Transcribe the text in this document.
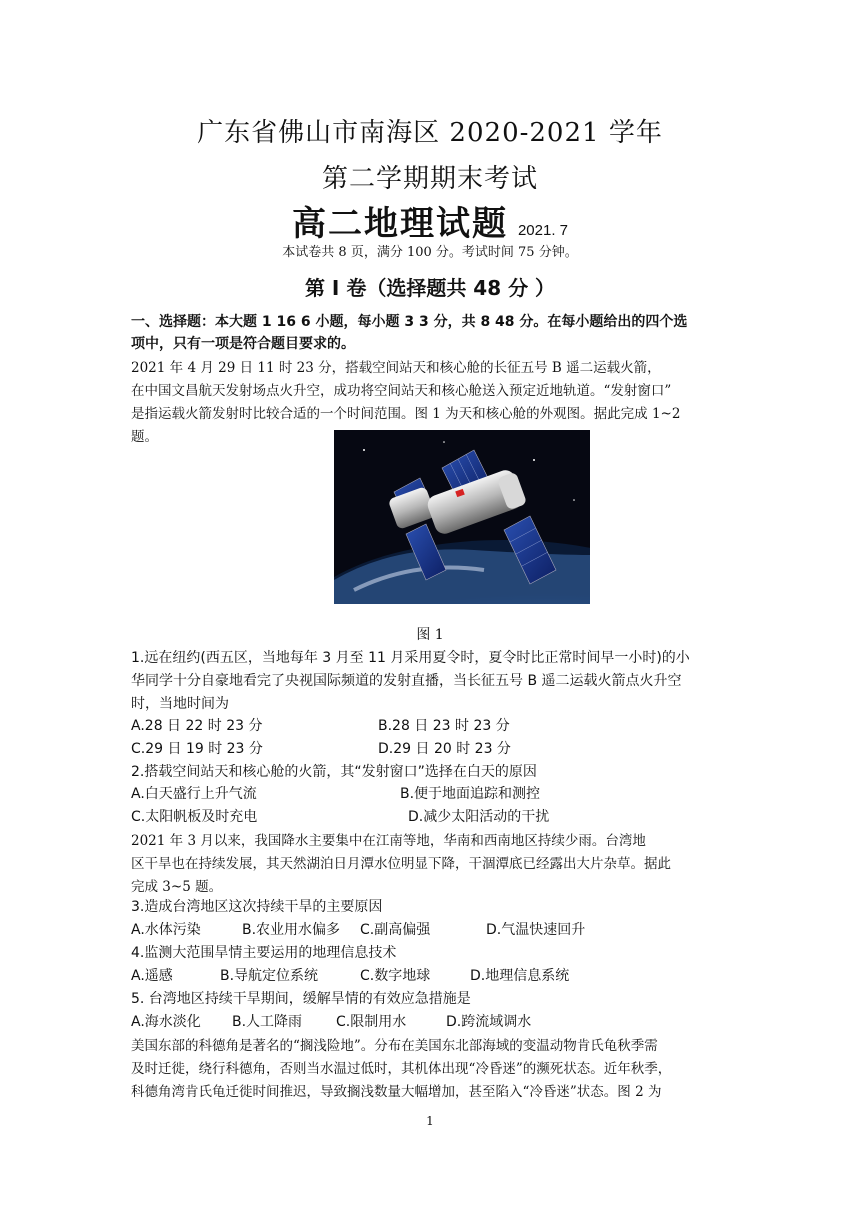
广东省佛山市南海区 2020-2021 学年
第二学期期末考试
高二地理试题 2021. 7
本试卷共 8 页，满分 100 分。考试时间 75 分钟。
第 Ⅰ 卷（选择题共 48 分 ）
一、选择题：本大题 1 16 6 小题，每小题 3 3 分，共 8 48 分。在每小题给出的四个选
项中，只有一项是符合题目要求的。
2021 年 4 月 29 日 11 时 23 分，搭载空间站天和核心舱的长征五号 B 遥二运载火箭，
在中国文昌航天发射场点火升空，成功将空间站天和核心舱送入预定近地轨道。“发射窗口”
是指运载火箭发射时比较合适的一个时间范围。图 1 为天和核心舱的外观图。据此完成 1~2
题。
图 1
1.远在纽约(西五区，当地每年 3 月至 11 月采用夏令时，夏令时比正常时间早一小时)的小
华同学十分自豪地看完了央视国际频道的发射直播，当长征五号 B 遥二运载火箭点火升空
时，当地时间为
A.28 日 22 时 23 分	B.28 日 23 时 23 分
C.29 日 19 时 23 分	D.29 日 20 时 23 分
2.搭载空间站天和核心舱的火箭，其“发射窗口”选择在白天的原因
A.白天盛行上升气流	B.便于地面追踪和测控
C.太阳帆板及时充电	D.减少太阳活动的干扰
2021 年 3 月以来，我国降水主要集中在江南等地，华南和西南地区持续少雨。台湾地
区干旱也在持续发展，其天然湖泊日月潭水位明显下降，干涸潭底已经露出大片杂草。据此
完成 3~5 题。
3.造成台湾地区这次持续干旱的主要原因
A.水体污染	B.农业用水偏多 C.副高偏强	D.气温快速回升
4.监测大范围旱情主要运用的地理信息技术
A.遥感	B.导航定位系统	C.数字地球	D.地理信息系统
5. 台湾地区持续干旱期间，缓解旱情的有效应急措施是
A.海水淡化 B.人工降雨 C.限制用水	D.跨流域调水
美国东部的科德角是著名的“搁浅险地”。分布在美国东北部海域的变温动物肯氏龟秋季需
及时迁徙，绕行科德角，否则当水温过低时，其机体出现“冷昏迷”的濒死状态。近年秋季，
科德角湾肯氏龟迁徙时间推迟，导致搁浅数量大幅增加，甚至陷入“冷昏迷”状态。图 2 为
1
